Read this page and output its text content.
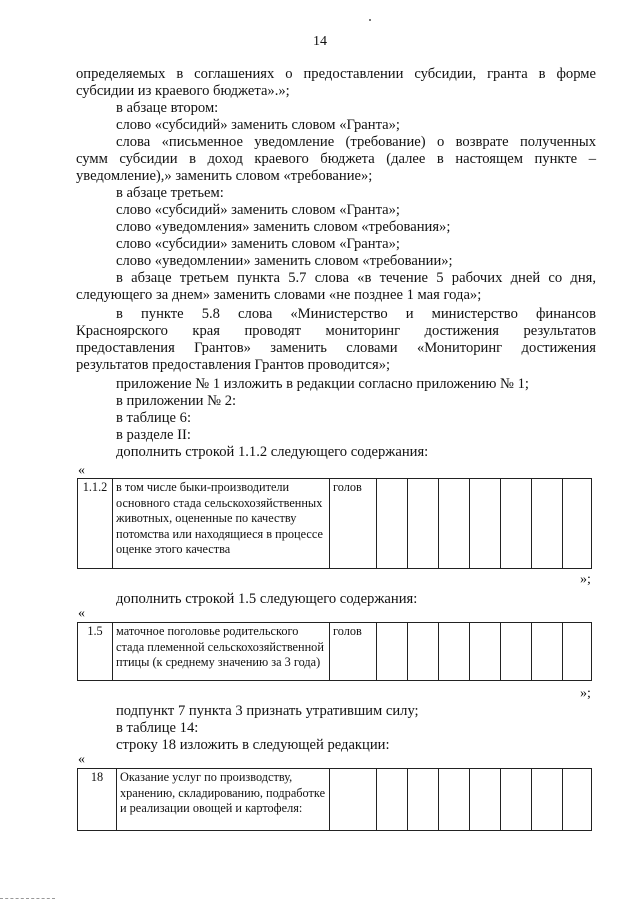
14
определяемых в соглашениях о предоставлении субсидии, гранта в форме
субсидии из краевого бюджета».»;
в абзаце втором:
слово «субсидий» заменить словом «Гранта»;
слова «письменное уведомление (требование) о возврате полученных
сумм субсидии в доход краевого бюджета (далее в настоящем пункте –
уведомление),» заменить словом «требование»;
в абзаце третьем:
слово «субсидий» заменить словом «Гранта»;
слово «уведомления» заменить словом «требования»;
слово «субсидии» заменить словом «Гранта»;
слово «уведомлении» заменить словом «требовании»;
в абзаце третьем пункта 5.7 слова «в течение 5 рабочих дней со дня,
следующего за днем» заменить словами «не позднее 1 мая года»;
в пункте 5.8 слова «Министерство и министерство финансов
Красноярского края проводят мониторинг достижения результатов
предоставления Грантов» заменить словами «Мониторинг достижения
результатов предоставления Грантов проводится»;
приложение № 1 изложить в редакции согласно приложению № 1;
в приложении № 2:
в таблице 6:
в разделе II:
дополнить строкой 1.1.2 следующего содержания:
«
1.1.2	в том числе быки-производители основного стада сельскохозяйственных животных, оцененные по качеству потомства или находящиеся в процессе оценке этого качества	голов							
»;
дополнить строкой 1.5 следующего содержания:
«
1.5	маточное поголовье родительского стада племенной сельскохозяйственной птицы (к среднему значению за 3 года)	голов							
»;
подпункт 7 пункта 3 признать утратившим силу;
в таблице 14:
строку 18 изложить в следующей редакции:
«
18	Оказание услуг по производству, хранению, складированию, подработке и реализации овощей и картофеля:								
